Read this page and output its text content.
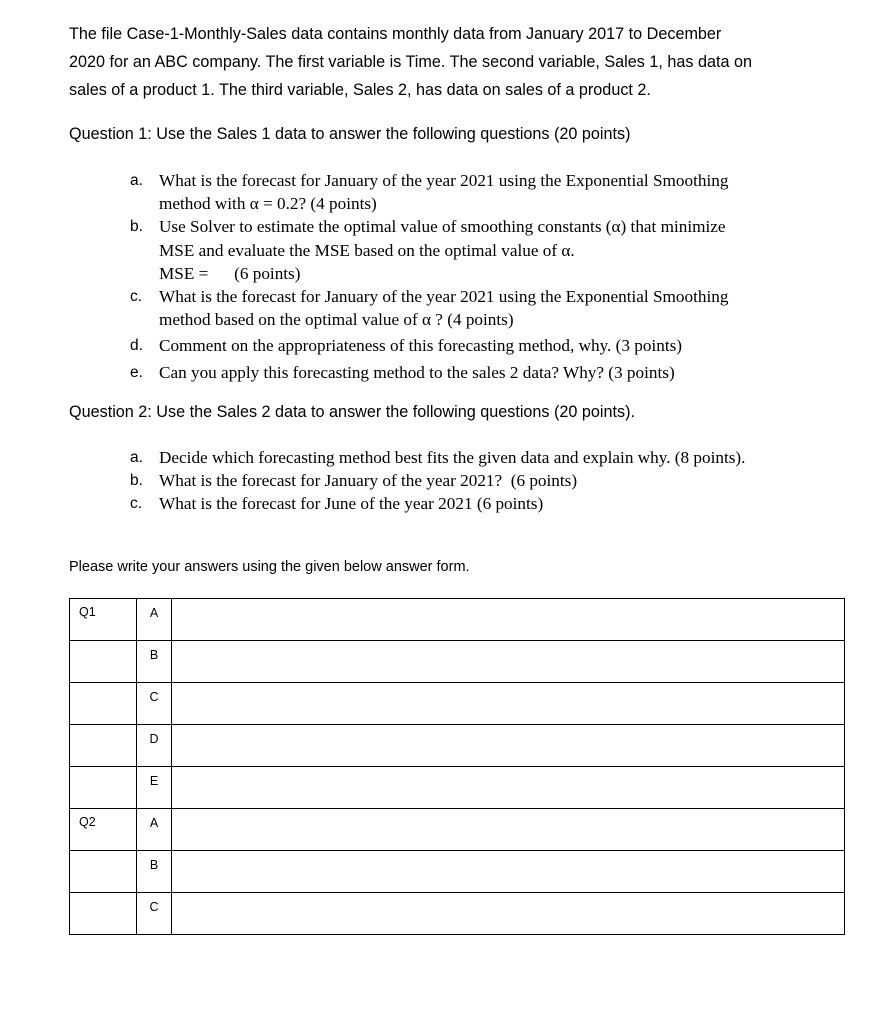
The file Case-1-Monthly-Sales data contains monthly data from January 2017 to December

2020 for an ABC company. The first variable is Time. The second variable, Sales 1, has data on

sales of a product 1. The third variable, Sales 2, has data on sales of a product 2.

Question 1: Use the Sales 1 data to answer the following questions (20 points)
a. What is the forecast for January of the year 2021 using the Exponential Smoothing
method with α = 0.2? (4 points)
b. Use Solver to estimate the optimal value of smoothing constants (α) that minimize
MSE and evaluate the MSE based on the optimal value of α.
MSE =      (6 points)
c. What is the forecast for January of the year 2021 using the Exponential Smoothing
method based on the optimal value of α ? (4 points)
d. Comment on the appropriateness of this forecasting method, why. (3 points)
e. Can you apply this forecasting method to the sales 2 data? Why? (3 points)
Question 2: Use the Sales 2 data to answer the following questions (20 points).
a. Decide which forecasting method best fits the given data and explain why. (8 points).
b. What is the forecast for January of the year 2021?  (6 points)
c. What is the forecast for June of the year 2021 (6 points)
Please write your answers using the given below answer form.
Q1	A	
	B	
	C	
	D	
	E	
Q2	A	
	B	
	C	
